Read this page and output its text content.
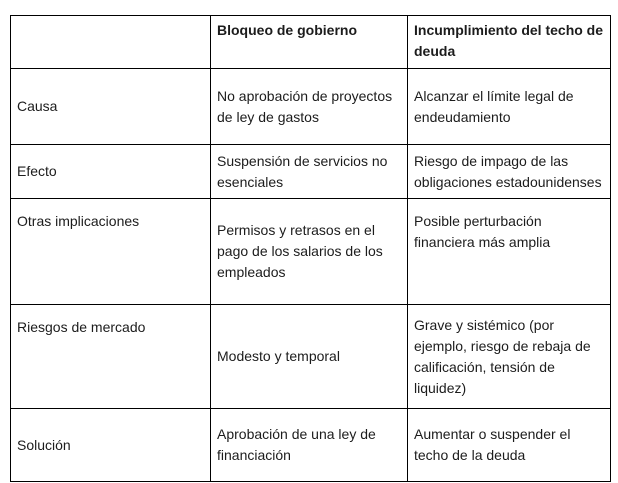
	Bloqueo de gobierno	Incumplimiento del techo de deuda
Causa	No aprobación de proyectos de ley de gastos	Alcanzar el límite legal de endeudamiento
Efecto	Suspensión de servicios no esenciales	Riesgo de impago de las obligaciones estadounidenses
Otras implicaciones	Permisos y retrasos en el pago de los salarios de los empleados	Posible perturbación financiera más amplia
Riesgos de mercado	Modesto y temporal	Grave y sistémico (por ejemplo, riesgo de rebaja de calificación, tensión de liquidez)
Solución	Aprobación de una ley de financiación	Aumentar o suspender el techo de la deuda
